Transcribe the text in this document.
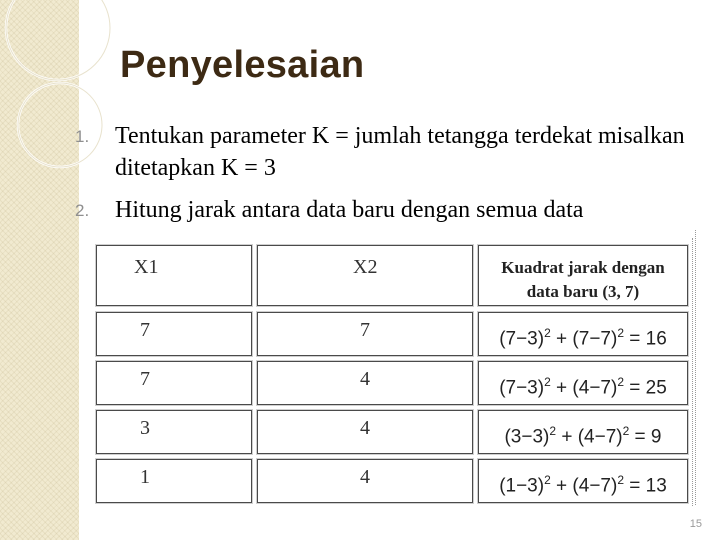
Penyelesaian
1.	Tentukan parameter K = jumlah tetangga terdekat misalkan ditetapkan K = 3
2.	Hitung jarak antara data baru dengan semua data
X1	X2	Kuadrat jarak dengan
data baru (3, 7)
7	7	$(7-3)^2 + (7-7)^2 = 16$
7	4	$(7-3)^2 + (4-7)^2 = 25$
3	4	$(3-3)^2 + (4-7)^2 = 9$
1	4	$(1-3)^2 + (4-7)^2 = 13$
15
